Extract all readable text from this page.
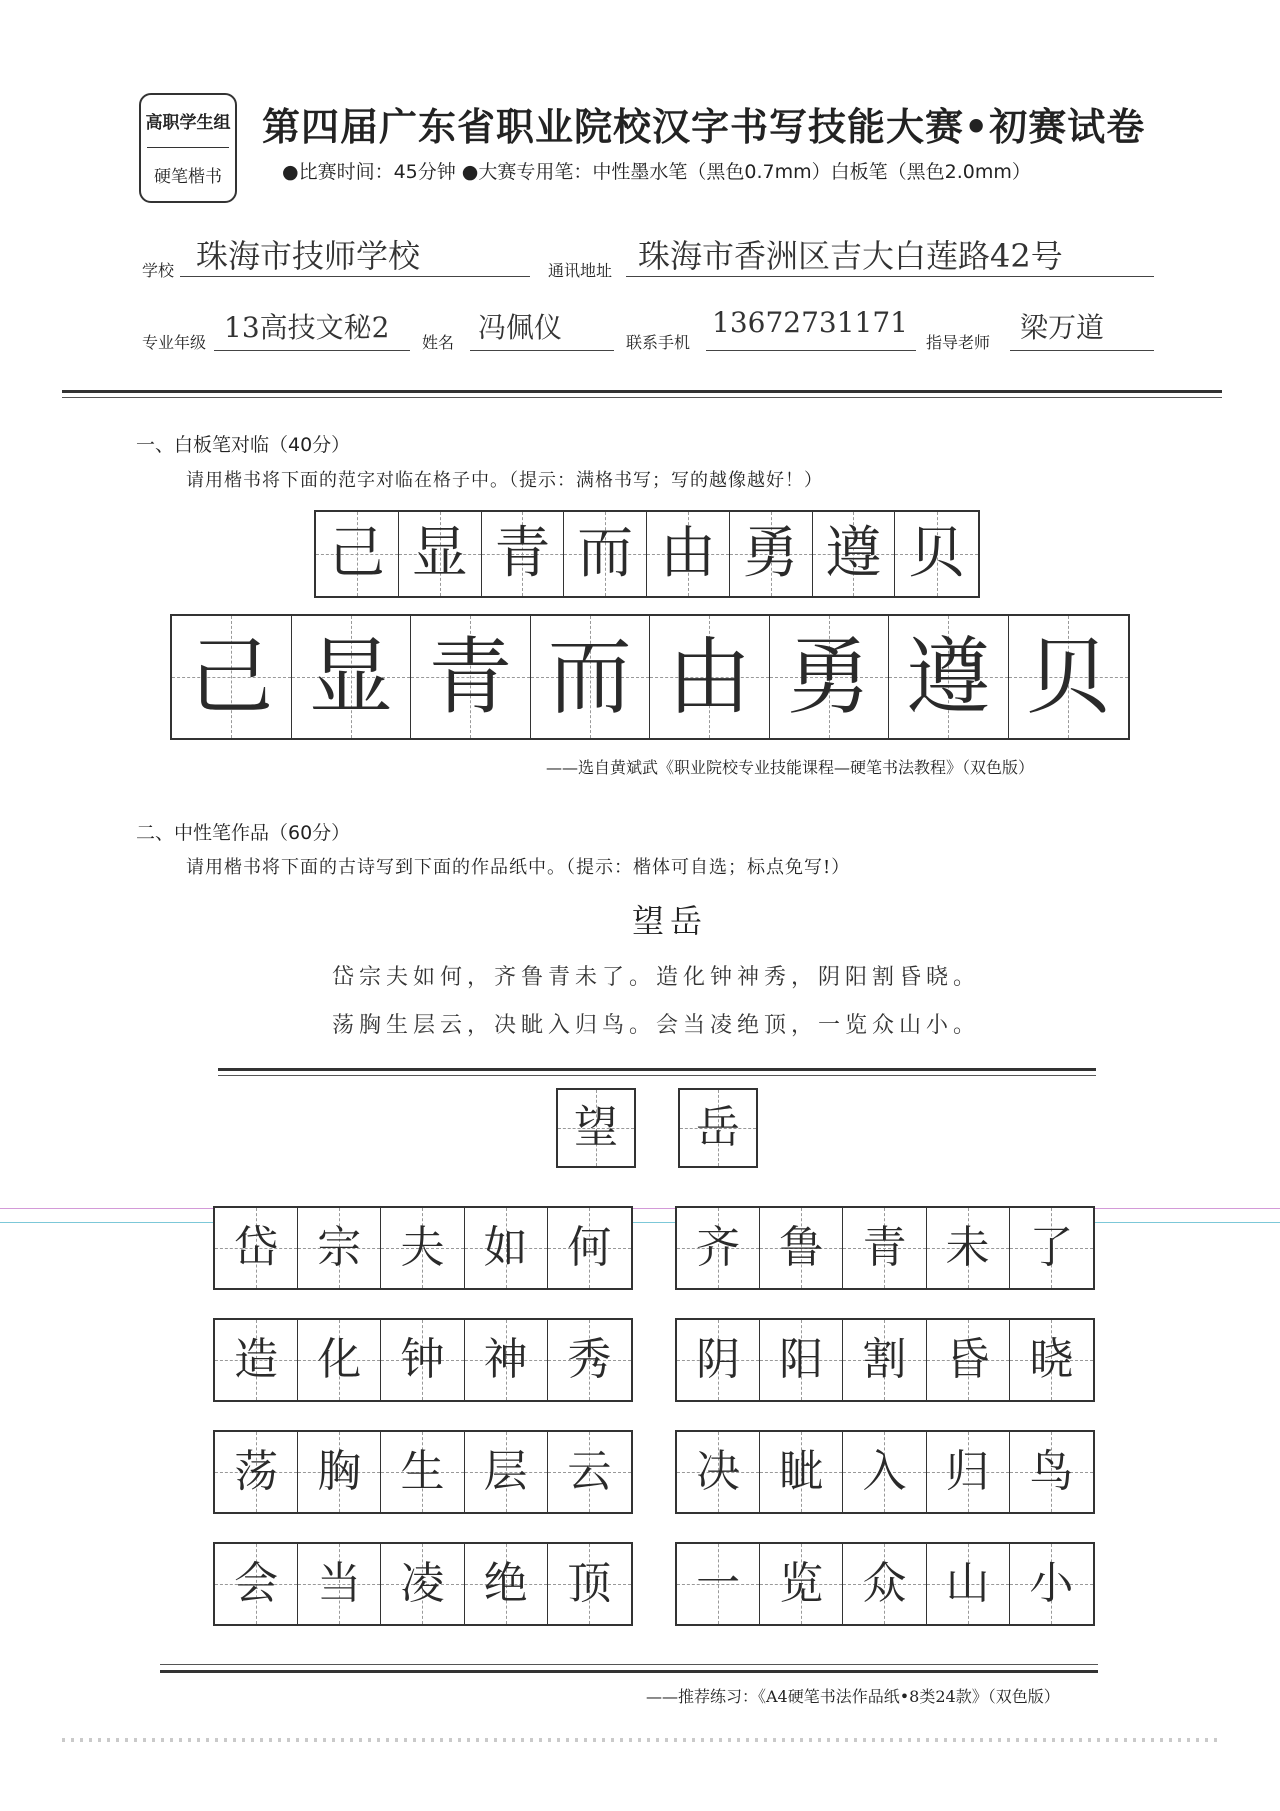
高职学生组
硬笔楷书
第四届广东省职业院校汉字书写技能大赛•初赛试卷
●比赛时间：45分钟 ●大赛专用笔：中性墨水笔（黑色0.7mm）白板笔（黑色2.0mm）
学校 珠海市技师学校	通讯地址 珠海市香洲区吉大白莲路42号
专业年级 13高技文秘2 姓名 冯佩仪	联系手机
13672731171
指导老师 梁万道
一、白板笔对临（40分）
请用楷书将下面的范字对临在格子中。（提示：满格书写；写的越像越好！）
己 显 青 而 由 勇 遵 贝
己 显 青 而 由 勇 遵 贝
——选自黄斌武《职业院校专业技能课程—硬笔书法教程》（双色版）
二、中性笔作品（60分）
请用楷书将下面的古诗写到下面的作品纸中。（提示：楷体可自选；标点免写!）
望岳
岱宗夫如何，齐鲁青未了。造化钟神秀，阴阳割昏晓。
荡胸生层云，决眦入归鸟。会当凌绝顶，一览众山小。
望 岳
岱 宗 夫 如 何 齐 鲁 青 未 了
造 化 钟 神 秀 阴 阳 割 昏 晓
荡 胸 生 层 云 决 眦 入 归 鸟
会 当 凌 绝 顶 一 览 众 山 小
——推荐练习：《A4硬笔书法作品纸•8类24款》（双色版）
